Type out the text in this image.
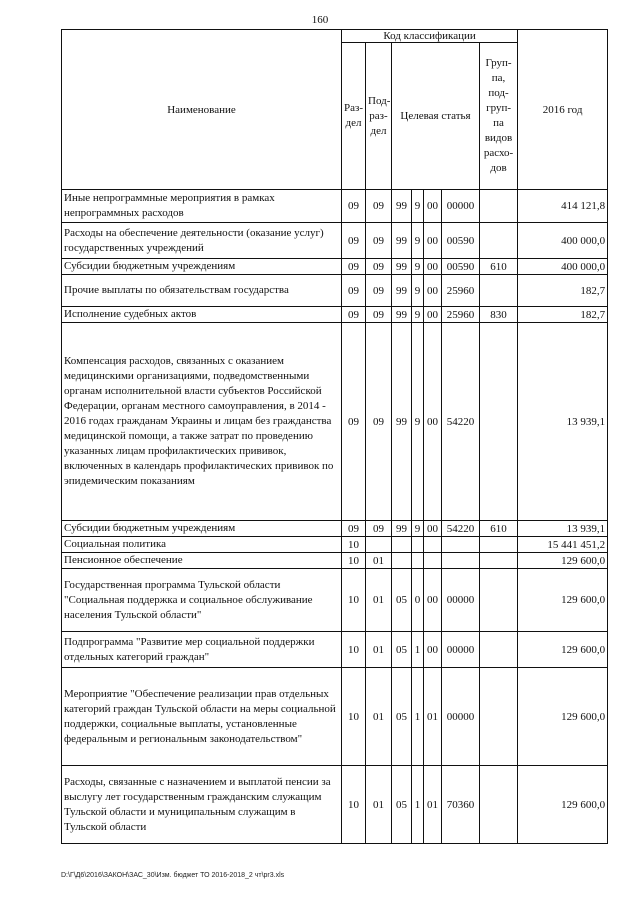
160
Наименование	Код классификации							2016 год
	Раз-дел	Под-раз-дел	Целевая статья				Груп-па, под-груп-па видов расхо-дов	
Иные непрограммные мероприятия в рамках непрограммных расходов	09	09	99	9	00	00000		414 121,8
Расходы на обеспечение деятельности (оказание услуг) государственных учреждений	09	09	99	9	00	00590		400 000,0
Субсидии бюджетным учреждениям	09	09	99	9	00	00590	610	400 000,0
Прочие выплаты по обязательствам государства	09	09	99	9	00	25960		182,7
Исполнение судебных актов	09	09	99	9	00	25960	830	182,7
Компенсация расходов, связанных с оказанием медицинскими организациями, подведомственными органам исполнительной власти субъектов Российской Федерации, органам местного самоуправления, в 2014 - 2016 годах гражданам Украины и лицам без гражданства медицинской помощи, а также затрат по проведению указанных лицам профилактических прививок, включенных в календарь профилактических прививок по эпидемическим показаниям	09	09	99	9	00	54220		13 939,1
Субсидии бюджетным учреждениям	09	09	99	9	00	54220	610	13 939,1
Социальная политика	10							15 441 451,2
Пенсионное обеспечение	10	01						129 600,0
Государственная программа Тульской области "Социальная поддержка и социальное обслуживание населения Тульской области"	10	01	05	0	00	00000		129 600,0
Подпрограмма "Развитие мер социальной поддержки отдельных категорий граждан"	10	01	05	1	00	00000		129 600,0
Мероприятие "Обеспечение реализации прав отдельных категорий граждан Тульской области на меры социальной поддержки, социальные выплаты, установленные федеральным и региональным законодательством"	10	01	05	1	01	00000		129 600,0
Расходы, связанные с назначением и выплатой пенсии за выслугу лет государственным гражданским служащим Тульской области и муниципальным служащим в Тульской области	10	01	05	1	01	70360		129 600,0
D:\Г\Д6\2016\ЗАКОН\ЗАС_30\Изм. бюджет ТО 2016-2018_2 чт\pr3.xls
